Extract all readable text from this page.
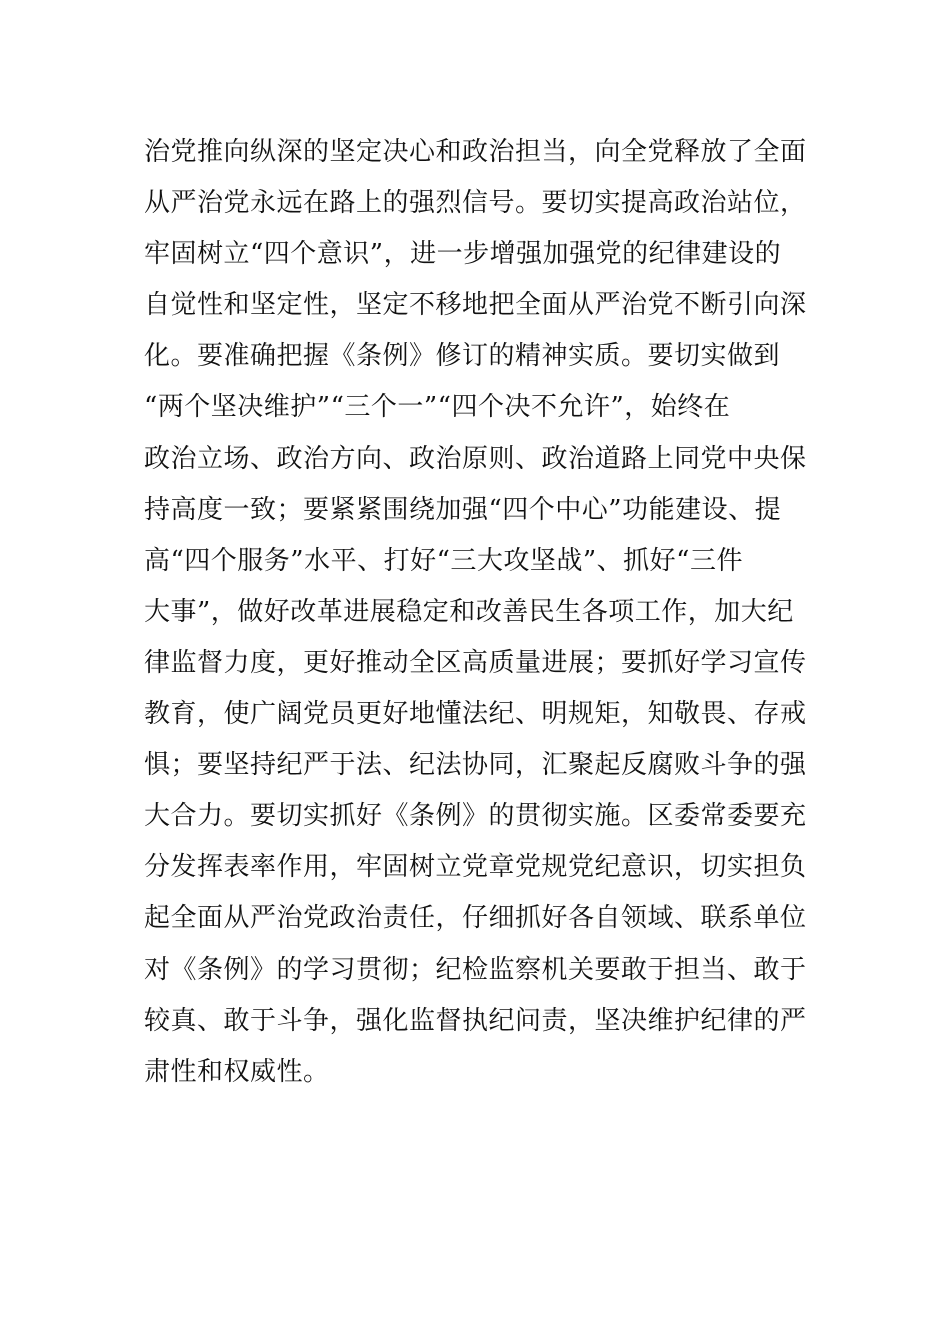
治党推向纵深的坚定决心和政治担当，向全党释放了全面
从严治党永远在路上的强烈信号。要切实提高政治站位，
牢固树立“四个意识”，进一步增强加强党的纪律建设的
自觉性和坚定性，坚定不移地把全面从严治党不断引向深
化。要准确把握《条例》修订的精神实质。要切实做到
“两个坚决维护”“三个一”“四个决不允许”，始终在
政治立场、政治方向、政治原则、政治道路上同党中央保
持高度一致；要紧紧围绕加强“四个中心”功能建设、提
高“四个服务”水平、打好“三大攻坚战”、抓好“三件
大事”，做好改革进展稳定和改善民生各项工作，加大纪
律监督力度，更好推动全区高质量进展；要抓好学习宣传
教育，使广阔党员更好地懂法纪、明规矩，知敬畏、存戒
惧；要坚持纪严于法、纪法协同，汇聚起反腐败斗争的强
大合力。要切实抓好《条例》的贯彻实施。区委常委要充
分发挥表率作用，牢固树立党章党规党纪意识，切实担负
起全面从严治党政治责任，仔细抓好各自领域、联系单位
对《条例》的学习贯彻；纪检监察机关要敢于担当、敢于
较真、敢于斗争，强化监督执纪问责，坚决维护纪律的严
肃性和权威性。
